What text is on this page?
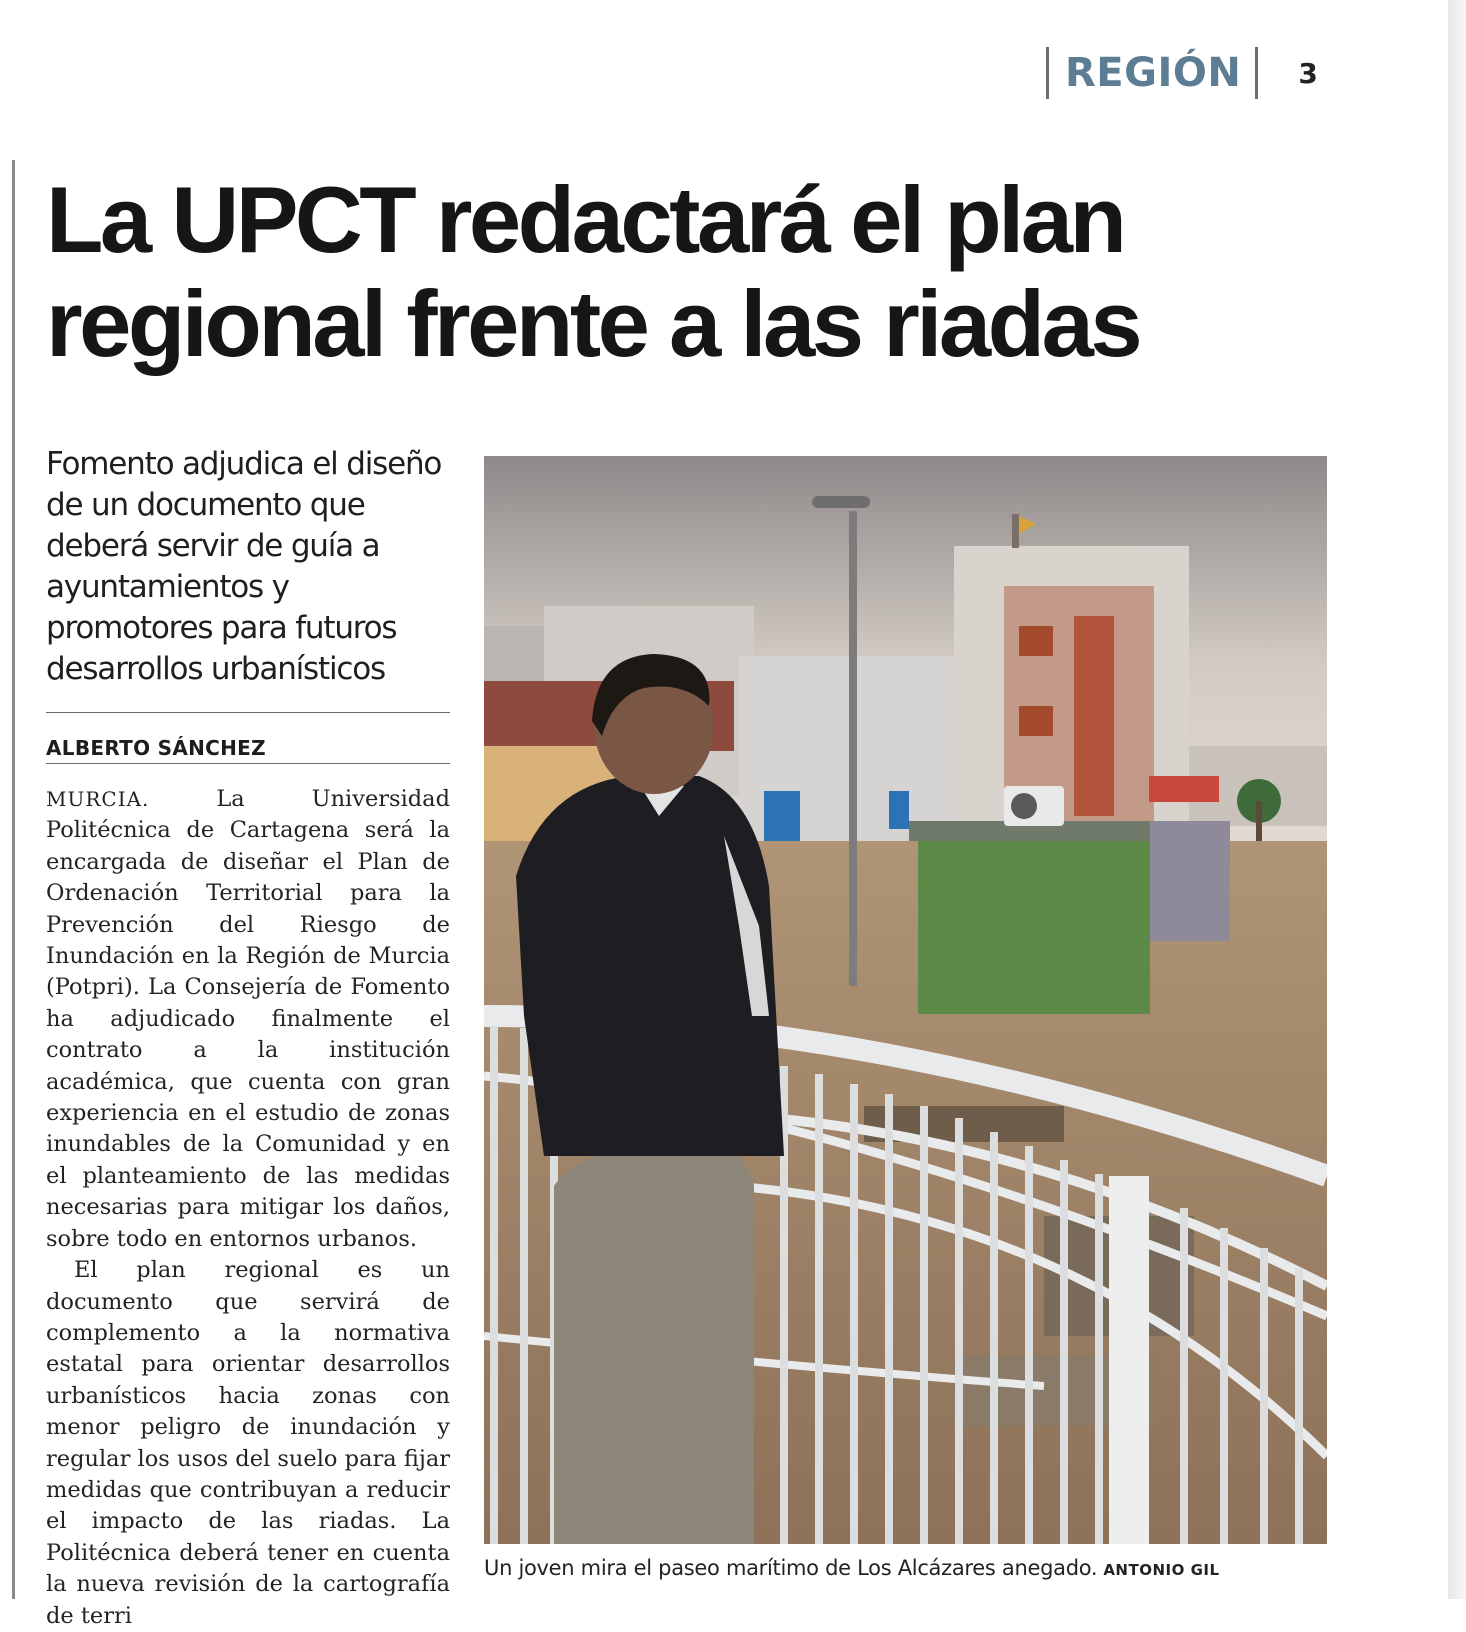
REGIÓN	3
La UPCT redactará el plan regional frente a las riadas

Fomento adjudica el diseño de un documento que deberá servir de guía a ayuntamientos y promotores para futuros desarrollos urbanísticos

ALBERTO SÁNCHEZ

MURCIA.	La Universidad Politécnica de Cartagena será la encargada de diseñar el Plan de Ordenación Territorial para la Prevención del Riesgo de Inundación en la Región de Murcia (Potpri). La Consejería de Fomento ha adjudicado finalmente el contrato a la institución académica, que cuenta con gran experiencia en el estudio de zonas inundables de la Comunidad y en el planteamiento de las medidas necesarias para mitigar los daños, sobre todo en entornos urbanos.

El plan regional es un documento que servirá de complemento a la normativa estatal para orientar desarrollos urbanísticos hacia zonas con menor peligro de inundación y regular los usos del suelo para fijar medidas que contribuyan a reducir el impacto de las riadas. La Politécnica deberá tener en cuenta la nueva revisión de la cartografía de terri

Un joven mira el paseo marítimo de Los Alcázares anegado. ANTONIO GIL
